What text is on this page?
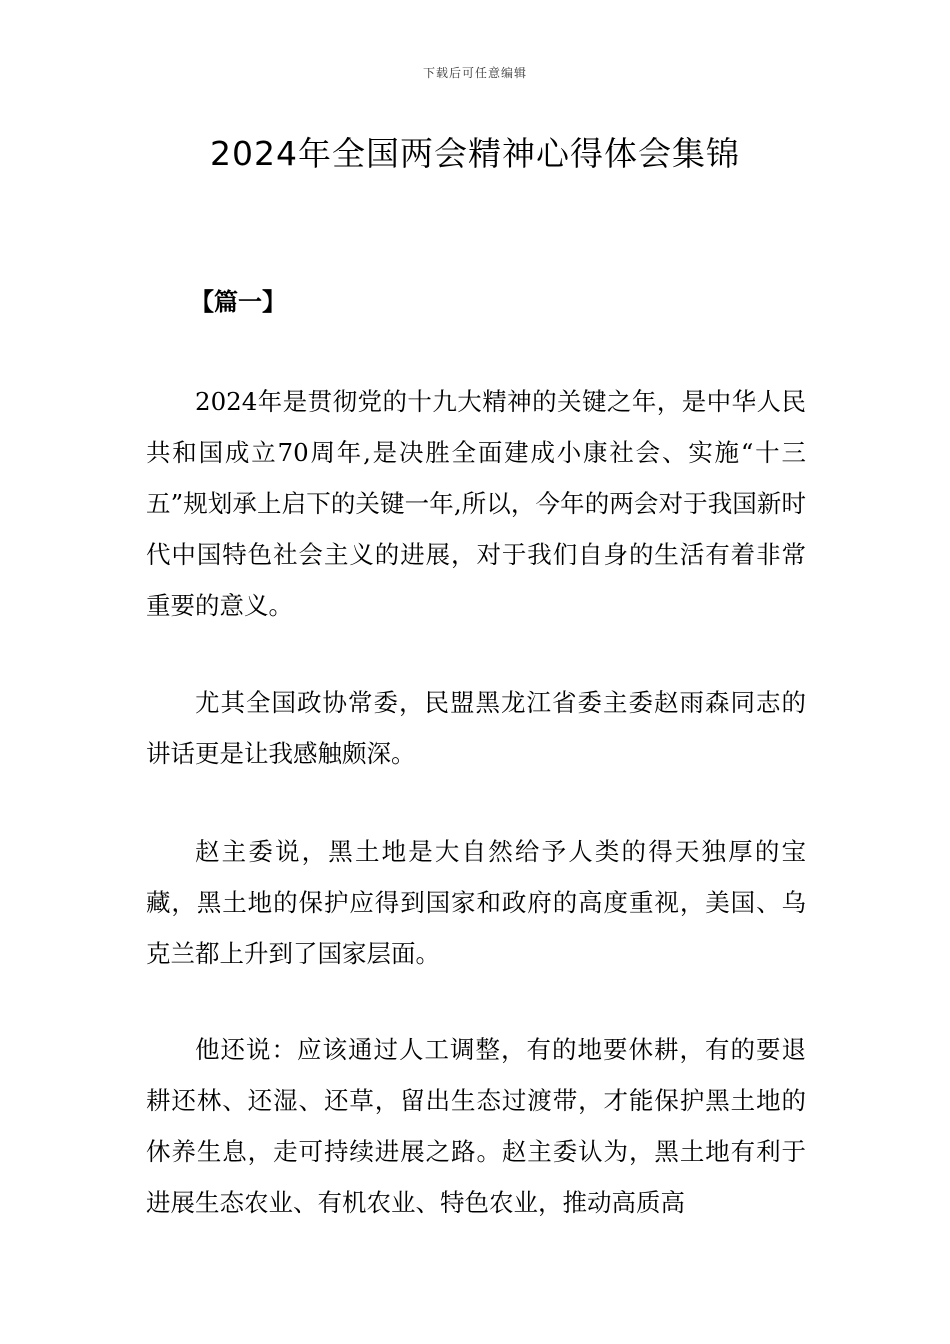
下载后可任意编辑
2024年全国两会精神心得体会集锦
【篇一】

2024年是贯彻党的十九大精神的关键之年，是中华人民共和国成立70周年,是决胜全面建成小康社会、实施“十三五”规划承上启下的关键一年,所以，今年的两会对于我国新时代中国特色社会主义的进展，对于我们自身的生活有着非常重要的意义。

尤其全国政协常委，民盟黑龙江省委主委赵雨森同志的讲话更是让我感触颇深。

赵主委说，黑土地是大自然给予人类的得天独厚的宝藏，黑土地的保护应得到国家和政府的高度重视，美国、乌克兰都上升到了国家层面。

他还说：应该通过人工调整，有的地要休耕，有的要退耕还林、还湿、还草，留出生态过渡带，才能保护黑土地的休养生息，走可持续进展之路。赵主委认为，黑土地有利于进展生态农业、有机农业、特色农业，推动高质高
